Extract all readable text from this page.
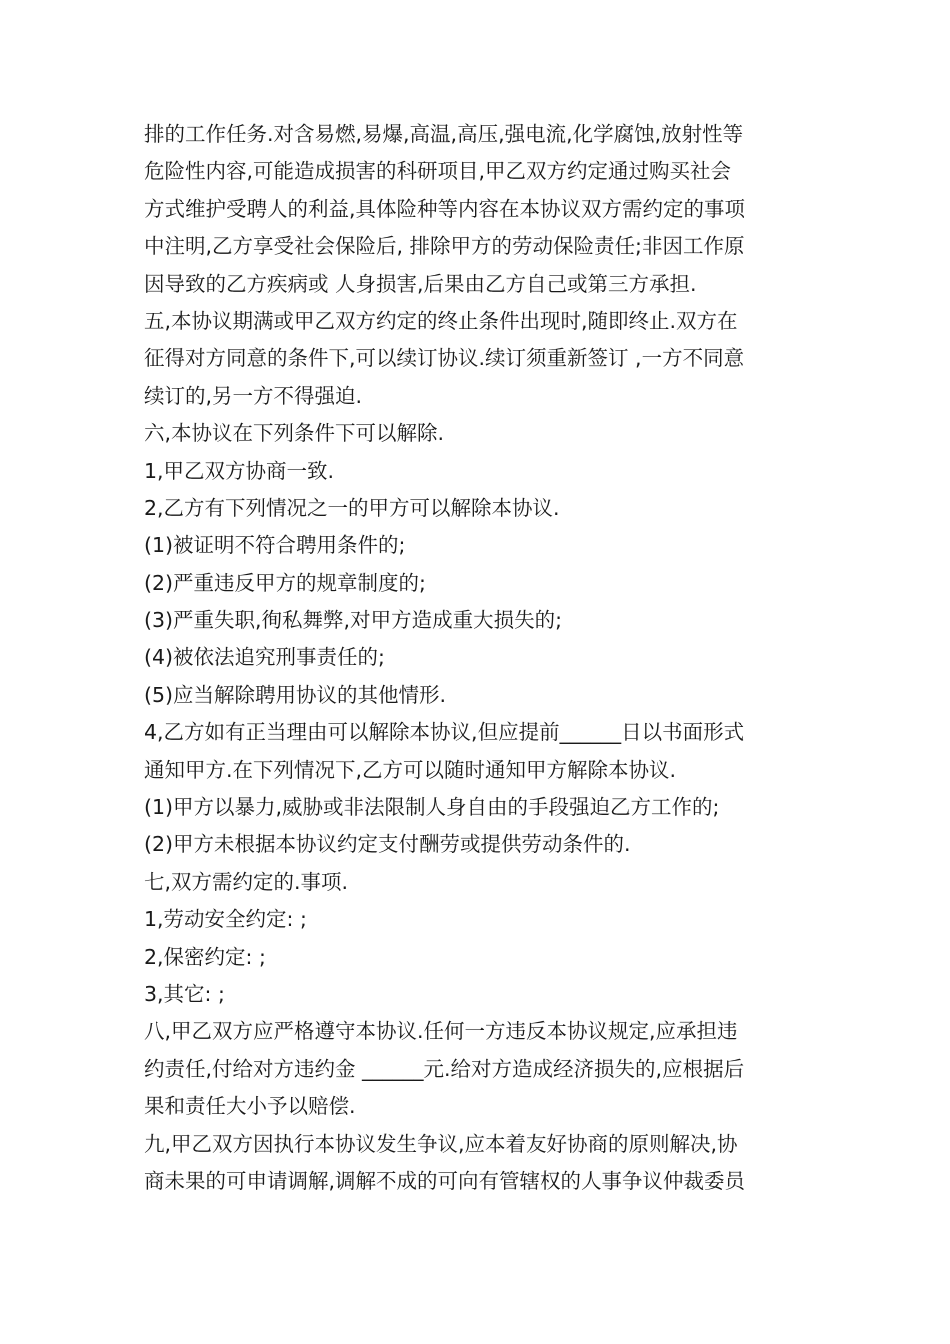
排的工作任务.对含易燃,易爆,高温,高压,强电流,化学腐蚀,放射性等
危险性内容,可能造成损害的科研项目,甲乙双方约定通过购买社会
方式维护受聘人的利益,具体险种等内容在本协议双方需约定的事项
中注明,乙方享受社会保险后, 排除甲方的劳动保险责任;非因工作原
因导致的乙方疾病或 人身损害,后果由乙方自己或第三方承担.
五,本协议期满或甲乙双方约定的终止条件出现时,随即终止.双方在
征得对方同意的条件下,可以续订协议.续订须重新签订 ,一方不同意
续订的,另一方不得强迫.
六,本协议在下列条件下可以解除.
1,甲乙双方协商一致.
2,乙方有下列情况之一的甲方可以解除本协议.
(1)被证明不符合聘用条件的;
(2)严重违反甲方的规章制度的;
(3)严重失职,徇私舞弊,对甲方造成重大损失的;
(4)被依法追究刑事责任的;
(5)应当解除聘用协议的其他情形.
4,乙方如有正当理由可以解除本协议,但应提前______日以书面形式
通知甲方.在下列情况下,乙方可以随时通知甲方解除本协议.
(1)甲方以暴力,威胁或非法限制人身自由的手段强迫乙方工作的;
(2)甲方未根据本协议约定支付酬劳或提供劳动条件的.
七,双方需约定的.事项.
1,劳动安全约定: ;
2,保密约定: ;
3,其它: ;
八,甲乙双方应严格遵守本协议.任何一方违反本协议规定,应承担违
约责任,付给对方违约金 ______元.给对方造成经济损失的,应根据后
果和责任大小予以赔偿.
九,甲乙双方因执行本协议发生争议,应本着友好协商的原则解决,协
商未果的可申请调解,调解不成的可向有管辖权的人事争议仲裁委员
